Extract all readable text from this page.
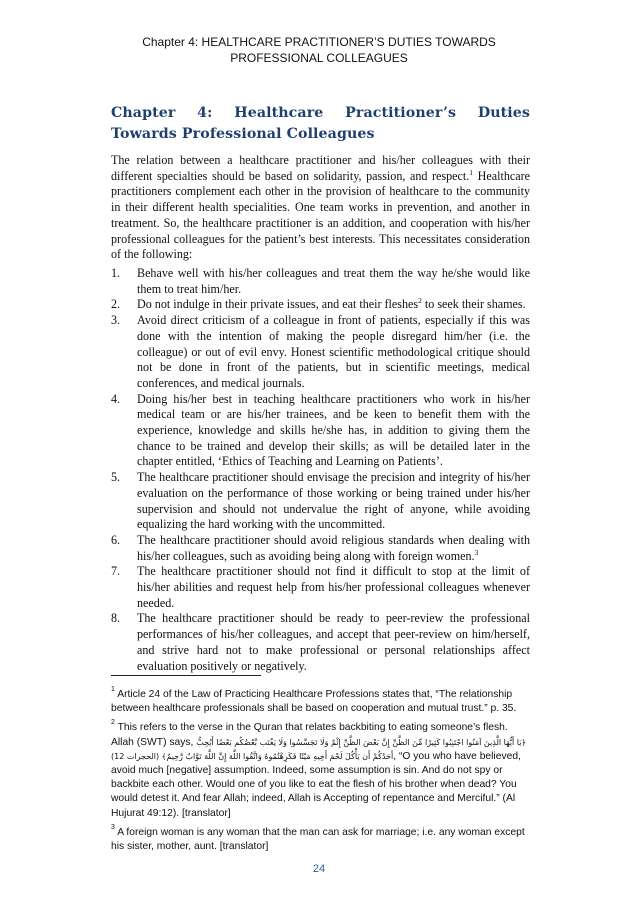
Chapter 4: HEALTHCARE PRACTITIONER’S DUTIES TOWARDS
PROFESSIONAL COLLEAGUES
Chapter 4: Healthcare Practitioner’s Duties Towards Professional Colleagues
The relation between a healthcare practitioner and his/her colleagues with their different specialties should be based on solidarity, passion, and respect.$^1$ Healthcare practitioners complement each other in the provision of healthcare to the community in their different health specialities. One team works in prevention, and another in treatment. So, the healthcare practitioner is an addition, and cooperation with his/her professional colleagues for the patient’s best interests. This necessitates consideration of the following:
1. Behave well with his/her colleagues and treat them the way he/she would like them to treat him/her.
2. Do not indulge in their private issues, and eat their fleshes$^2$ to seek their shames.
3. Avoid direct criticism of a colleague in front of patients, especially if this was done with the intention of making the people disregard him/her (i.e. the colleague) or out of evil envy. Honest scientific methodological critique should not be done in front of the patients, but in scientific meetings, medical conferences, and medical journals.
4. Doing his/her best in teaching healthcare practitioners who work in his/her medical team or are his/her trainees, and be keen to benefit them with the experience, knowledge and skills he/she has, in addition to giving them the chance to be trained and develop their skills; as will be detailed later in the chapter entitled, ‘Ethics of Teaching and Learning on Patients’.
5. The healthcare practitioner should envisage the precision and integrity of his/her evaluation on the performance of those working or being trained under his/her supervision and should not undervalue the right of anyone, while avoiding equalizing the hard working with the uncommitted.
6. The healthcare practitioner should avoid religious standards when dealing with his/her colleagues, such as avoiding being along with foreign women.$^3$
7. The healthcare practitioner should not find it difficult to stop at the limit of his/her abilities and request help from his/her professional colleagues whenever needed.
8. The healthcare practitioner should be ready to peer-review the professional performances of his/her colleagues, and accept that peer-review on him/herself, and strive hard not to make professional or personal relationships affect evaluation positively or negatively.

$^1$ Article 24 of the Law of Practicing Healthcare Professions states that, “The relationship between healthcare professionals shall be based on cooperation and mutual trust.” p. 35.

$^2$ This refers to the verse in the Quran that relates backbiting to eating someone’s flesh. Allah (SWT) says, ﴿يَا أَيُّهَا الَّذِينَ آمَنُوا اجْتَنِبُوا كَثِيرًا مِّنَ الظَّنِّ إِنَّ بَعْضَ الظَّنِّ إِثْمٌ وَلَا تَجَسَّسُوا وَلَا يَغْتَب بَّعْضُكُم بَعْضًا أَيُحِبُّ أَحَدُكُمْ أَن يَأْكُلَ لَحْمَ أَخِيهِ مَيْتًا فَكَرِهْتُمُوهُ وَاتَّقُوا اللَّهَ إِنَّ اللَّهَ تَوَّابٌ رَّحِيمٌ﴾ (الحجرات 12), “O you who have believed, avoid much [negative] assumption. Indeed, some assumption is sin. And do not spy or backbite each other. Would one of you like to eat the flesh of his brother when dead? You would detest it. And fear Allah; indeed, Allah is Accepting of repentance and Merciful.” (Al Hujurat 49:12). [translator]

$^3$ A foreign woman is any woman that the man can ask for marriage; i.e. any woman except his sister, mother, aunt. [translator]

24
